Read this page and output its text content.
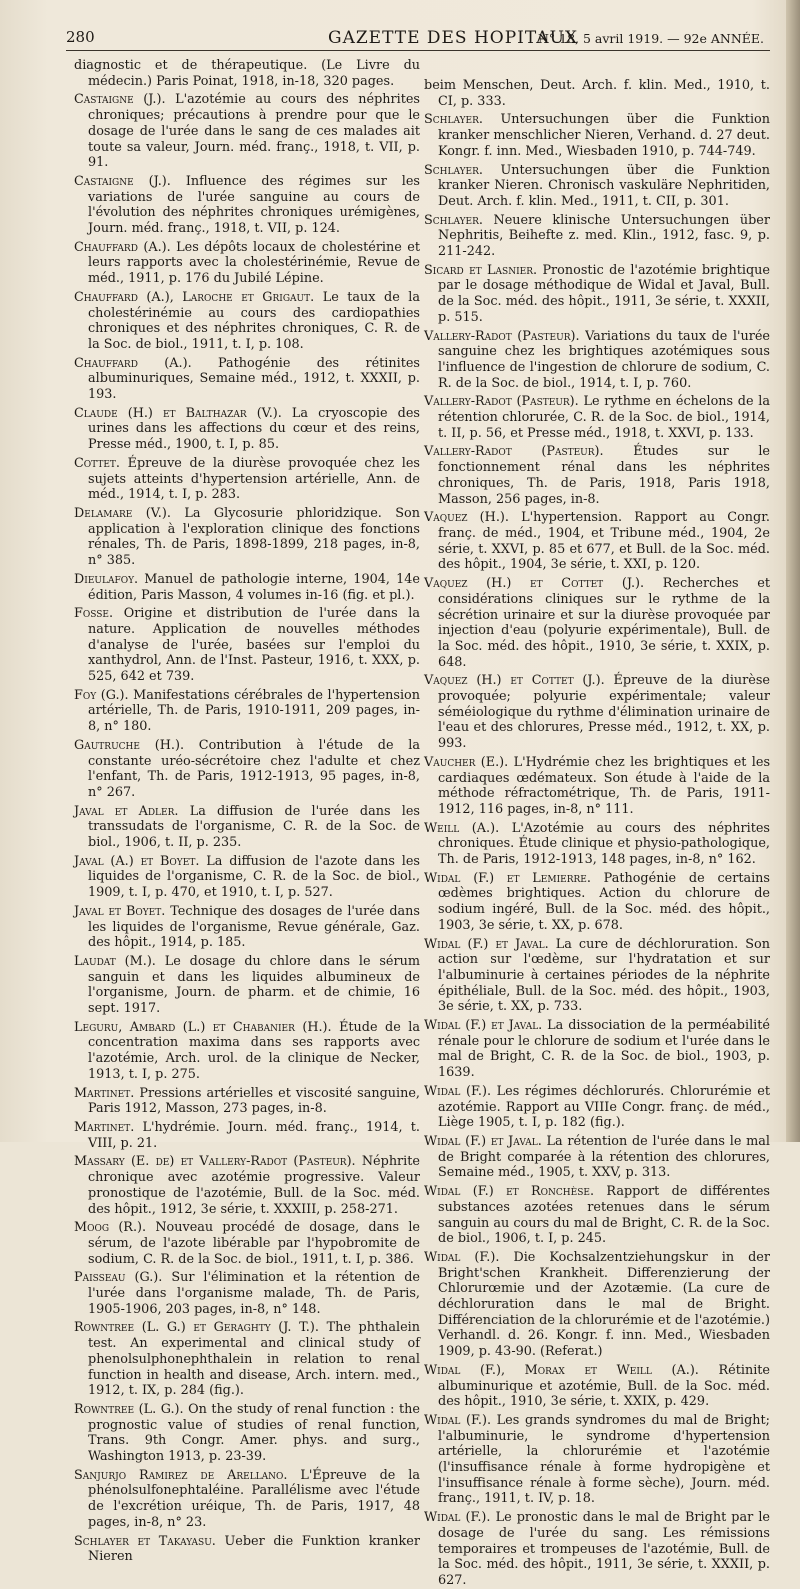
280	GAZETTE DES HOPITAUX
N° 18, 5 avril 1919. — 92e ANNÉE.

diagnostic et de thérapeutique. (Le Livre du médecin.) Paris Poinat, 1918, in-18, 320 pages.

Castaigne (J.). L'azotémie au cours des néphrites chroniques; précautions à prendre pour que le dosage de l'urée dans le sang de ces malades ait toute sa valeur, Journ. méd. franç., 1918, t. VII, p. 91.

Castaigne (J.). Influence des régimes sur les variations de l'urée sanguine au cours de l'évolution des néphrites chroniques urémigènes, Journ. méd. franç., 1918, t. VII, p. 124.

Chauffard (A.). Les dépôts locaux de cholestérine et leurs rapports avec la cholestérinémie, Revue de méd., 1911, p. 176 du Jubilé Lépine.

Chauffard (A.), Laroche et Grigaut. Le taux de la cholestérinémie au cours des cardiopathies chroniques et des néphrites chroniques, C. R. de la Soc. de biol., 1911, t. I, p. 108.

Chauffard (A.). Pathogénie des rétinites albuminuriques, Semaine méd., 1912, t. XXXII, p. 193.

Claude (H.) et Balthazar (V.). La cryoscopie des urines dans les affections du cœur et des reins, Presse méd., 1900, t. I, p. 85.

Cottet. Épreuve de la diurèse provoquée chez les sujets atteints d'hypertension artérielle, Ann. de méd., 1914, t. I, p. 283.

Delamare (V.). La Glycosurie phloridzique. Son application à l'exploration clinique des fonctions rénales, Th. de Paris, 1898-1899, 218 pages, in-8, n° 385.

Dieulafoy. Manuel de pathologie interne, 1904, 14e édition, Paris Masson, 4 volumes in-16 (fig. et pl.).

Fosse. Origine et distribution de l'urée dans la nature. Application de nouvelles méthodes d'analyse de l'urée, basées sur l'emploi du xanthydrol, Ann. de l'Inst. Pasteur, 1916, t. XXX, p. 525, 642 et 739.

Foy (G.). Manifestations cérébrales de l'hypertension artérielle, Th. de Paris, 1910-1911, 209 pages, in-8, n° 180.

Gautruche (H.). Contribution à l'étude de la constante uréo-sécrétoire chez l'adulte et chez l'enfant, Th. de Paris, 1912-1913, 95 pages, in-8, n° 267.

Javal et Adler. La diffusion de l'urée dans les transsudats de l'organisme, C. R. de la Soc. de biol., 1906, t. II, p. 235.

Javal (A.) et Boyet. La diffusion de l'azote dans les liquides de l'organisme, C. R. de la Soc. de biol., 1909, t. I, p. 470, et 1910, t. I, p. 527.

Javal et Boyet. Technique des dosages de l'urée dans les liquides de l'organisme, Revue générale, Gaz. des hôpit., 1914, p. 185.

Laudat (M.). Le dosage du chlore dans le sérum sanguin et dans les liquides albumineux de l'organisme, Journ. de pharm. et de chimie, 16 sept. 1917.

Leguru, Ambard (L.) et Chabanier (H.). Étude de la concentration maxima dans ses rapports avec l'azotémie, Arch. urol. de la clinique de Necker, 1913, t. I, p. 275.

Martinet. Pressions artérielles et viscosité sanguine, Paris 1912, Masson, 273 pages, in-8.

Martinet. L'hydrémie. Journ. méd. franç., 1914, t. VIII, p. 21.

Massary (E. de) et Vallery-Radot (Pasteur). Néphrite chronique avec azotémie progressive. Valeur pronostique de l'azotémie, Bull. de la Soc. méd. des hôpit., 1912, 3e série, t. XXXIII, p. 258-271.

Moog (R.). Nouveau procédé de dosage, dans le sérum, de l'azote libérable par l'hypobromite de sodium, C. R. de la Soc. de biol., 1911, t. I, p. 386.

Paisseau (G.). Sur l'élimination et la rétention de l'urée dans l'organisme malade, Th. de Paris, 1905-1906, 203 pages, in-8, n° 148.

Rowntree (L. G.) et Geraghty (J. T.). The phthalein test. An experimental and clinical study of phenolsulphonephthalein in relation to renal function in health and disease, Arch. intern. med., 1912, t. IX, p. 284 (fig.).

Rowntree (L. G.). On the study of renal function : the prognostic value of studies of renal function, Trans. 9th Congr. Amer. phys. and surg., Washington 1913, p. 23-39.

Sanjurjo Ramirez de Arellano. L'Épreuve de la phénolsulfonephtaléine. Parallélisme avec l'étude de l'excrétion uréique, Th. de Paris, 1917, 48 pages, in-8, n° 23.

Schlayer et Takayasu. Ueber die Funktion kranker Nieren

beim Menschen, Deut. Arch. f. klin. Med., 1910, t. CI, p. 333.

Schlayer. Untersuchungen über die Funktion kranker menschlicher Nieren, Verhand. d. 27 deut. Kongr. f. inn. Med., Wiesbaden 1910, p. 744-749.

Schlayer. Untersuchungen über die Funktion kranker Nieren. Chronisch vaskuläre Nephritiden, Deut. Arch. f. klin. Med., 1911, t. CII, p. 301.

Schlayer. Neuere klinische Untersuchungen über Nephritis, Beihefte z. med. Klin., 1912, fasc. 9, p. 211-242.

Sicard et Lasnier. Pronostic de l'azotémie brightique par le dosage méthodique de Widal et Javal, Bull. de la Soc. méd. des hôpit., 1911, 3e série, t. XXXII, p. 515.

Vallery-Radot (Pasteur). Variations du taux de l'urée sanguine chez les brightiques azotémiques sous l'influence de l'ingestion de chlorure de sodium, C. R. de la Soc. de biol., 1914, t. I, p. 760.

Vallery-Radot (Pasteur). Le rythme en échelons de la rétention chlorurée, C. R. de la Soc. de biol., 1914, t. II, p. 56, et Presse méd., 1918, t. XXVI, p. 133.

Vallery-Radot (Pasteur). Études sur le fonctionnement rénal dans les néphrites chroniques, Th. de Paris, 1918, Paris 1918, Masson, 256 pages, in-8.

Vaquez (H.). L'hypertension. Rapport au Congr. franç. de méd., 1904, et Tribune méd., 1904, 2e série, t. XXVI, p. 85 et 677, et Bull. de la Soc. méd. des hôpit., 1904, 3e série, t. XXI, p. 120.

Vaquez (H.) et Cottet (J.). Recherches et considérations cliniques sur le rythme de la sécrétion urinaire et sur la diurèse provoquée par injection d'eau (polyurie expérimentale), Bull. de la Soc. méd. des hôpit., 1910, 3e série, t. XXIX, p. 648.

Vaquez (H.) et Cottet (J.). Épreuve de la diurèse provoquée; polyurie expérimentale; valeur séméiologique du rythme d'élimination urinaire de l'eau et des chlorures, Presse méd., 1912, t. XX, p. 993.

Vaucher (E.). L'Hydrémie chez les brightiques et les cardiaques œdémateux. Son étude à l'aide de la méthode réfractométrique, Th. de Paris, 1911-1912, 116 pages, in-8, n° 111.

Weill (A.). L'Azotémie au cours des néphrites chroniques. Étude clinique et physio-pathologique, Th. de Paris, 1912-1913, 148 pages, in-8, n° 162.

Widal (F.) et Lemierre. Pathogénie de certains œdèmes brightiques. Action du chlorure de sodium ingéré, Bull. de la Soc. méd. des hôpit., 1903, 3e série, t. XX, p. 678.

Widal (F.) et Javal. La cure de déchloruration. Son action sur l'œdème, sur l'hydratation et sur l'albuminurie à certaines périodes de la néphrite épithéliale, Bull. de la Soc. méd. des hôpit., 1903, 3e série, t. XX, p. 733.

Widal (F.) et Javal. La dissociation de la perméabilité rénale pour le chlorure de sodium et l'urée dans le mal de Bright, C. R. de la Soc. de biol., 1903, p. 1639.

Widal (F.). Les régimes déchlorurés. Chlorurémie et azotémie. Rapport au VIIIe Congr. franç. de méd., Liège 1905, t. I, p. 182 (fig.).

Widal (F.) et Javal. La rétention de l'urée dans le mal de Bright comparée à la rétention des chlorures, Semaine méd., 1905, t. XXV, p. 313.

Widal (F.) et Ronchèse. Rapport de différentes substances azotées retenues dans le sérum sanguin au cours du mal de Bright, C. R. de la Soc. de biol., 1906, t. I, p. 245.

Widal (F.). Die Kochsalzentziehungskur in der Bright'schen Krankheit. Differenzierung der Chlorurœmie und der Azotæmie. (La cure de déchloruration dans le mal de Bright. Différenciation de la chlorurémie et de l'azotémie.) Verhandl. d. 26. Kongr. f. inn. Med., Wiesbaden 1909, p. 43-90. (Referat.)

Widal (F.), Morax et Weill (A.). Rétinite albuminurique et azotémie, Bull. de la Soc. méd. des hôpit., 1910, 3e série, t. XXIX, p. 429.

Widal (F.). Les grands syndromes du mal de Bright; l'albuminurie, le syndrome d'hypertension artérielle, la chlorurémie et l'azotémie (l'insuffisance rénale à forme hydropigène et l'insuffisance rénale à forme sèche), Journ. méd. franç., 1911, t. IV, p. 18.

Widal (F.). Le pronostic dans le mal de Bright par le dosage de l'urée du sang. Les rémissions temporaires et trompeuses de l'azotémie, Bull. de la Soc. méd. des hôpit., 1911, 3e série, t. XXXII, p. 627.
